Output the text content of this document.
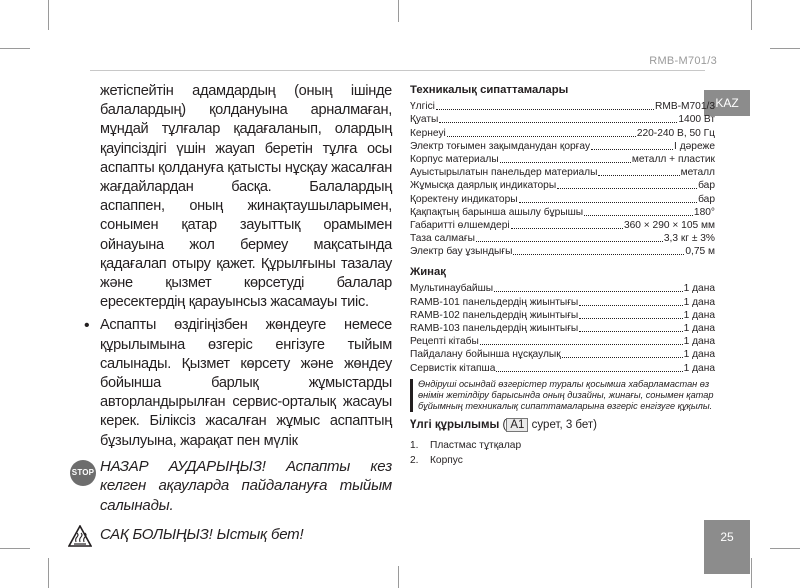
RMB-M701/3
KAZ
25

жетіспейтін адамдардың (оның ішінде балалардың) қолдануына арналмаған, мұндай тұлғалар қадағаланып, олардың қауіпсіздігі үшін жауап беретін тұлға осы аспапты қолдануға қатысты нұсқау жасалған жағдайлардан басқа. Балалардың аспаппен, оның жинақтаушыларымен, сонымен қатар зауыттық орамымен ойнауына жол бермеу мақсатында қадағалап отыру қажет. Құрылғыны тазалау және қызмет көрсетуді балалар ересектердің қарауынсыз жасамауы тиіс.

• Аспапты өздігіңізбен жөндеуге немесе құрылымына өзгеріс енгізуге тыйым салынады. Қызмет көрсету және жөндеу бойынша барлық жұмыстарды авторландырылған сервис-орталық жасауы керек. Біліксіз жасалған жұмыс аспаптың бұзылуына, жарақат пен мүлік

STOP НАЗАР АУДАРЫҢЫЗ! Аспапты кез келген ақауларда пайдалануға тыйым салынады.
САҚ БОЛЫҢЫЗ! Ыстық бет!
Техникалық сипаттамалары
Үлгісі	RMB-M701/3
Қуаты	1400 Вт
Кернеуі	220-240 В, 50 Гц
Электр тоғымен зақымданудан қорғау	I дәреже
Корпус материалы	металл + пластик
Ауыстырылатын панельдер материалы	металл
Жұмысқа даярлық индикаторы	бар
Қоректену индикаторы	бар
Қақпақтың барынша ашылу бұрышы	180°
Габаритті өлшемдері	360 × 290 × 105 мм
Таза салмағы	3,3 кг ± 3%
Электр бау ұзындығы	0,75 м
Жинақ
Мультинаубайшы	1 дана
RAMB-101 панельдердің жиынтығы	1 дана
RAMB-102 панельдердің жиынтығы	1 дана
RAMB-103 панельдердің жиынтығы	1 дана
Рецепті кітабы	1 дана
Пайдалану бойынша нұсқаулық	1 дана
Сервистік кітапша	1 дана
Өндіруші осындай өзгерістер туралы қосымша хабарламастан өз өнімін жетілдіру барысында оның дизайны, жинағы, сонымен қатар бұйымның техникалық сипаттамаларына өзгеріс енгізуге құқылы.
Үлгі құрылымы ( A1 сурет, 3 бет)
1. Пластмас тұтқалар
2. Корпус
